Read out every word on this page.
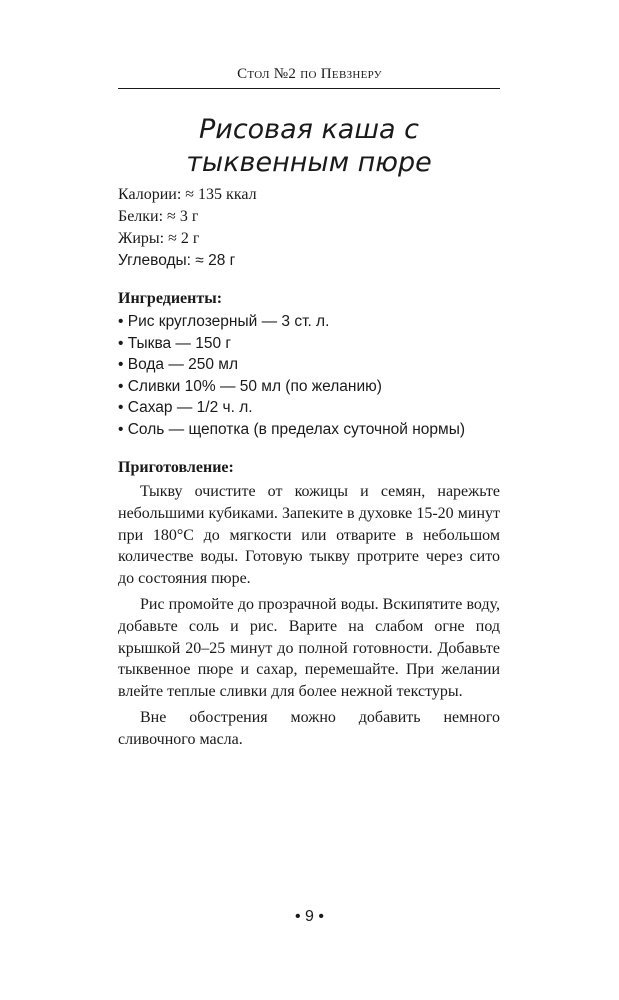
Стол №2 по Певзнеру
Рисовая каша с тыквенным пюре
Калории: ≈ 135 ккал
Белки: ≈ 3 г
Жиры: ≈ 2 г
Углеводы: ≈ 28 г
Ингредиенты:
• Рис круглозерный — 3 ст. л.
• Тыква — 150 г
• Вода — 250 мл
• Сливки 10% — 50 мл (по желанию)
• Сахар — 1/2 ч. л.
• Соль — щепотка (в пределах суточной нормы)
Приготовление:

Тыкву очистите от кожицы и семян, нарежьте небольшими кубиками. Запеките в духовке 15-20 минут при 180°C до мягкости или отварите в небольшом количестве воды. Готовую тыкву протрите через сито до состояния пюре.

Рис промойте до прозрачной воды. Вскипятите воду, добавьте соль и рис. Варите на слабом огне под крышкой 20–25 минут до полной готовности. Добавьте тыквенное пюре и сахар, перемешайте. При желании влейте теплые сливки для более нежной текстуры.

Вне обострения можно добавить немного сливочного масла.

• 9 •
